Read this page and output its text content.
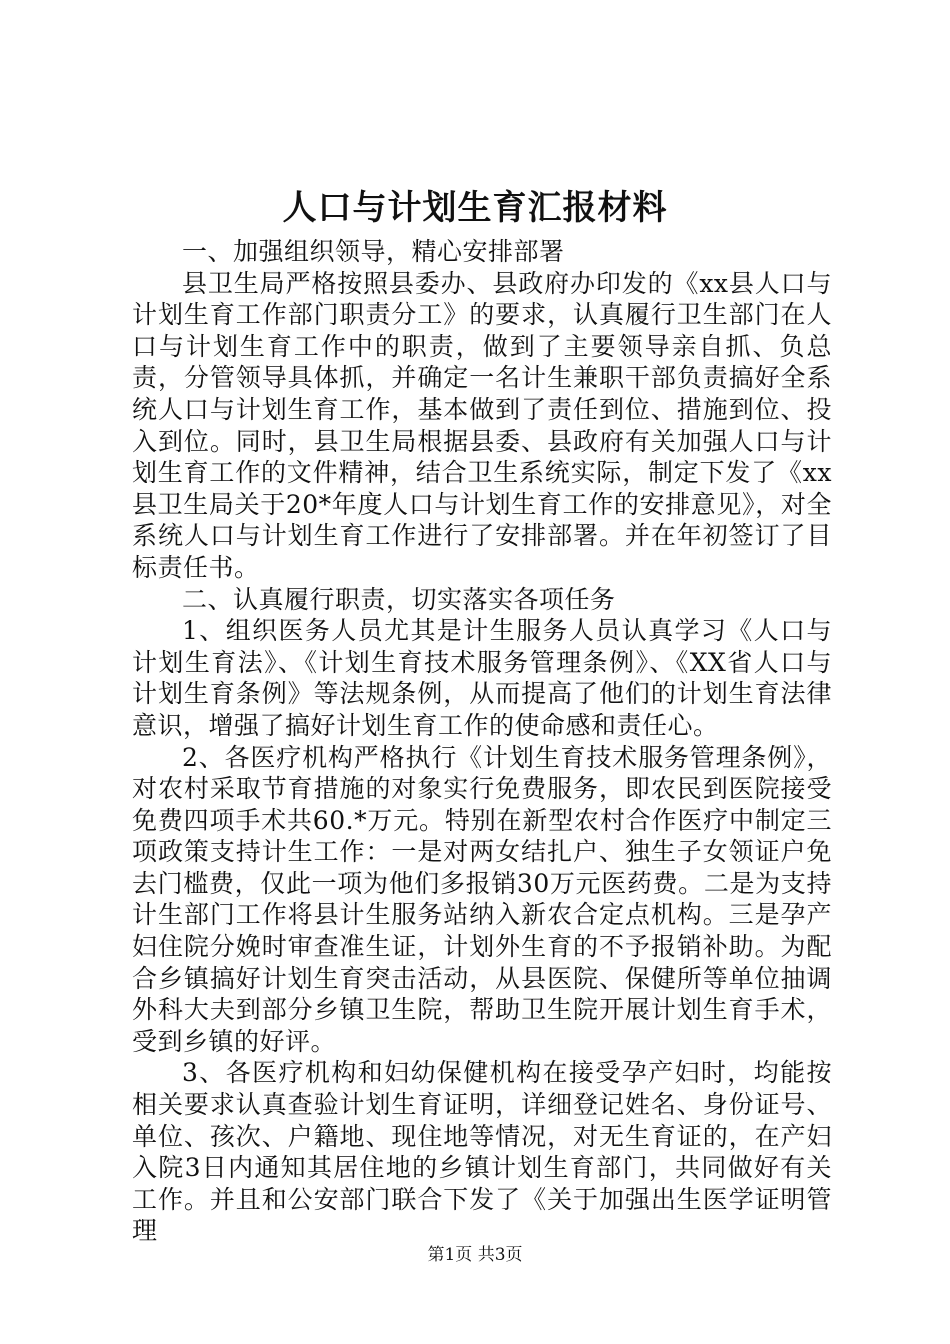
人口与计划生育汇报材料

一、加强组织领导，精心安排部署

县卫生局严格按照县委办、县政府办印发的《xx县人口与计划生育工作部门职责分工》的要求，认真履行卫生部门在人口与计划生育工作中的职责，做到了主要领导亲自抓、负总责，分管领导具体抓，并确定一名计生兼职干部负责搞好全系统人口与计划生育工作，基本做到了责任到位、措施到位、投入到位。同时，县卫生局根据县委、县政府有关加强人口与计划生育工作的文件精神，结合卫生系统实际，制定下发了《xx县卫生局关于20*年度人口与计划生育工作的安排意见》，对全系统人口与计划生育工作进行了安排部署。并在年初签订了目标责任书。

二、认真履行职责，切实落实各项任务

1、组织医务人员尤其是计生服务人员认真学习《人口与计划生育法》、《计划生育技术服务管理条例》、《XX省人口与计划生育条例》等法规条例，从而提高了他们的计划生育法律意识，增强了搞好计划生育工作的使命感和责任心。

2、各医疗机构严格执行《计划生育技术服务管理条例》，对农村采取节育措施的对象实行免费服务，即农民到医院接受免费四项手术共60.*万元。特别在新型农村合作医疗中制定三项政策支持计生工作：一是对两女结扎户、独生子女领证户免去门槛费，仅此一项为他们多报销30万元医药费。二是为支持计生部门工作将县计生服务站纳入新农合定点机构。三是孕产妇住院分娩时审查准生证，计划外生育的不予报销补助。为配合乡镇搞好计划生育突击活动，从县医院、保健所等单位抽调外科大夫到部分乡镇卫生院，帮助卫生院开展计划生育手术，受到乡镇的好评。

3、各医疗机构和妇幼保健机构在接受孕产妇时，均能按相关要求认真查验计划生育证明，详细登记姓名、身份证号、单位、孩次、户籍地、现住地等情况，对无生育证的，在产妇入院3日内通知其居住地的乡镇计划生育部门，共同做好有关工作。并且和公安部门联合下发了《关于加强出生医学证明管理

第1页 共3页
